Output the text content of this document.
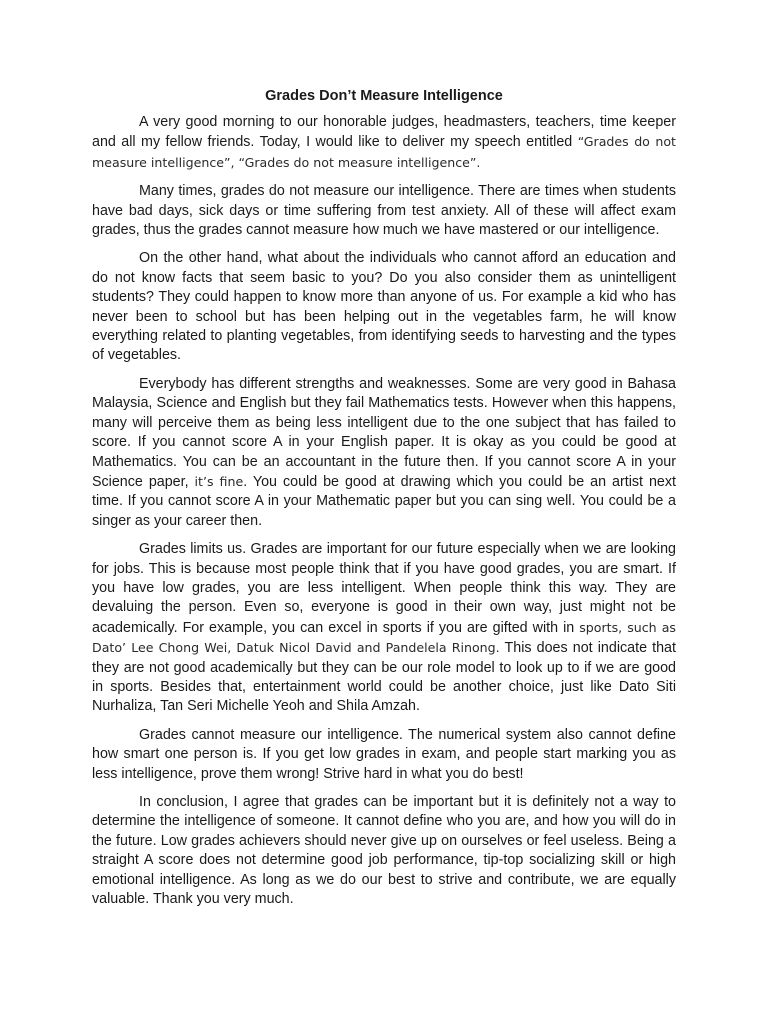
Grades Don’t Measure Intelligence

A very good morning to our honorable judges, headmasters, teachers, time keeper and all my fellow friends. Today, I would like to deliver my speech entitled “Grades do not measure intelligence”, “Grades do not measure intelligence”.

Many times, grades do not measure our intelligence. There are times when students have bad days, sick days or time suffering from test anxiety. All of these will affect exam grades, thus the grades cannot measure how much we have mastered or our intelligence.

On the other hand, what about the individuals who cannot afford an education and do not know facts that seem basic to you? Do you also consider them as unintelligent students? They could happen to know more than anyone of us. For example a kid who has never been to school but has been helping out in the vegetables farm, he will know everything related to planting vegetables, from identifying seeds to harvesting and the types of vegetables.

Everybody has different strengths and weaknesses. Some are very good in Bahasa Malaysia, Science and English but they fail Mathematics tests. However when this happens, many will perceive them as being less intelligent due to the one subject that has failed to score. If you cannot score A in your English paper. It is okay as you could be good at Mathematics. You can be an accountant in the future then. If you cannot score A in your Science paper, it’s fine. You could be good at drawing which you could be an artist next time. If you cannot score A in your Mathematic paper but you can sing well. You could be a singer as your career then.

Grades limits us. Grades are important for our future especially when we are looking for jobs. This is because most people think that if you have good grades, you are smart. If you have low grades, you are less intelligent. When people think this way. They are devaluing the person. Even so, everyone is good in their own way, just might not be academically. For example, you can excel in sports if you are gifted with in sports, such as Dato’ Lee Chong Wei, Datuk Nicol David and Pandelela Rinong. This does not indicate that they are not good academically but they can be our role model to look up to if we are good in sports. Besides that, entertainment world could be another choice, just like Dato Siti Nurhaliza, Tan Seri Michelle Yeoh and Shila Amzah.

Grades cannot measure our intelligence. The numerical system also cannot define how smart one person is. If you get low grades in exam, and people start marking you as less intelligence, prove them wrong! Strive hard in what you do best!

In conclusion, I agree that grades can be important but it is definitely not a way to determine the intelligence of someone. It cannot define who you are, and how you will do in the future. Low grades achievers should never give up on ourselves or feel useless. Being a straight A score does not determine good job performance, tip-top socializing skill or high emotional intelligence. As long as we do our best to strive and contribute, we are equally valuable. Thank you very much.
